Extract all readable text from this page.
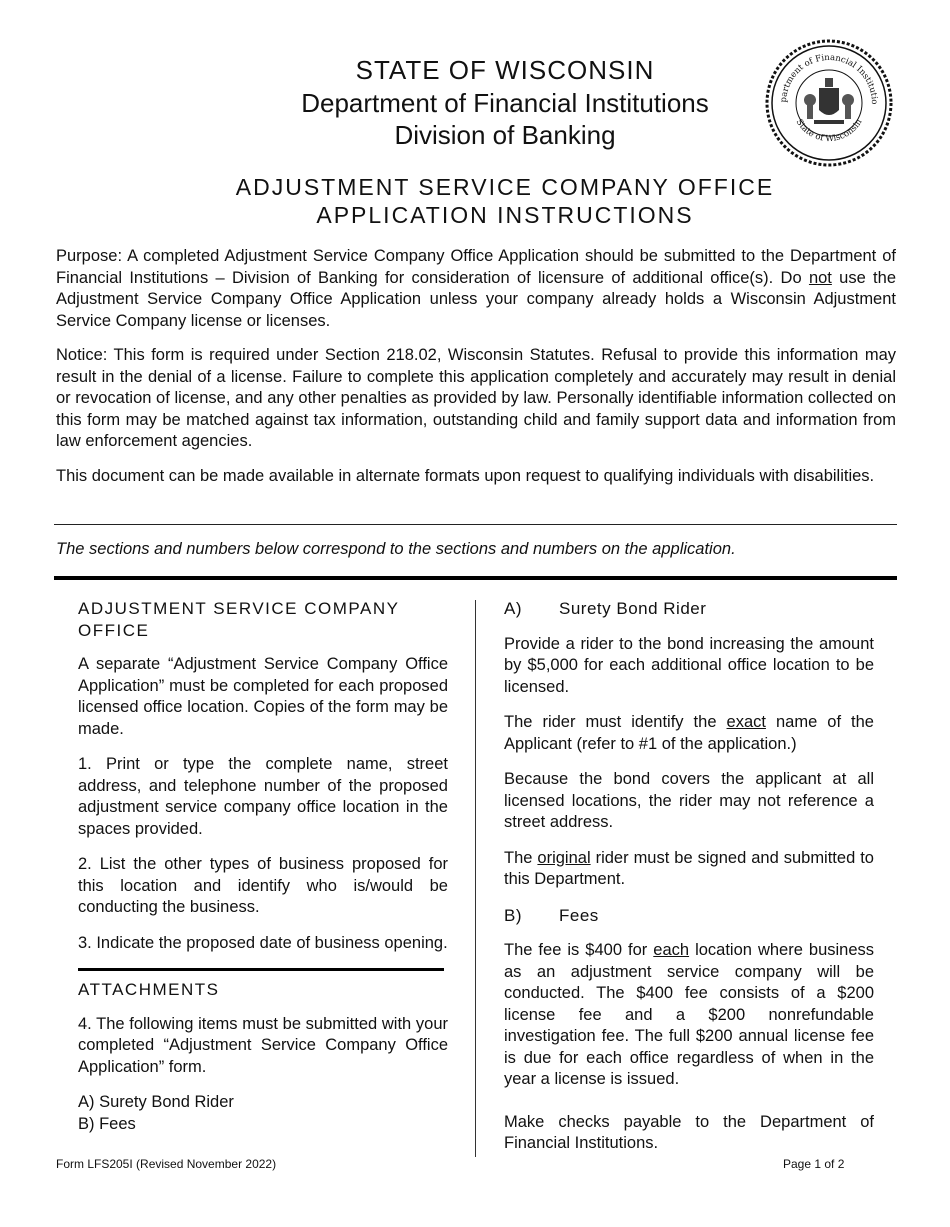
STATE OF WISCONSIN
Department of Financial Institutions
Division of Banking
ADJUSTMENT SERVICE COMPANY OFFICE
APPLICATION INSTRUCTIONS
partment of Financial Institutio
State of Wisconsin
Purpose: A completed Adjustment Service Company Office Application should be submitted to the Department of Financial Institutions – Division of Banking for consideration of licensure of additional office(s). Do not use the Adjustment Service Company Office Application unless your company already holds a Wisconsin Adjustment Service Company license or licenses.
Notice: This form is required under Section 218.02, Wisconsin Statutes. Refusal to provide this information may result in the denial of a license. Failure to complete this application completely and accurately may result in denial or revocation of license, and any other penalties as provided by law. Personally identifiable information collected on this form may be matched against tax information, outstanding child and family support data and information from law enforcement agencies.
This document can be made available in alternate formats upon request to qualifying individuals with disabilities.
The sections and numbers below correspond to the sections and numbers on the application.
ADJUSTMENT SERVICE COMPANY OFFICE

A separate “Adjustment Service Company Office Application” must be completed for each proposed licensed office location. Copies of the form may be made.

1. Print or type the complete name, street address, and telephone number of the proposed adjustment service company office location in the spaces provided.

2. List the other types of business proposed for this location and identify who is/would be conducting the business.

3. Indicate the proposed date of business opening.

ATTACHMENTS

4. The following items must be submitted with your completed “Adjustment Service Company Office Application” form.

A) Surety Bond Rider
B) Fees
A)	Surety Bond Rider

Provide a rider to the bond increasing the amount by $5,000 for each additional office location to be licensed.

The rider must identify the exact name of the Applicant (refer to #1 of the application.)

Because the bond covers the applicant at all licensed locations, the rider may not reference a street address.

The original rider must be signed and submitted to this Department.

B)	Fees

The fee is $400 for each location where business as an adjustment service company will be conducted. The $400 fee consists of a $200 license fee and a $200 nonrefundable investigation fee. The full $200 annual license fee is due for each office regardless of when in the year a license is issued.

Make checks payable to the Department of Financial Institutions.

Form LFS205I (Revised November 2022)	Page 1 of 2
